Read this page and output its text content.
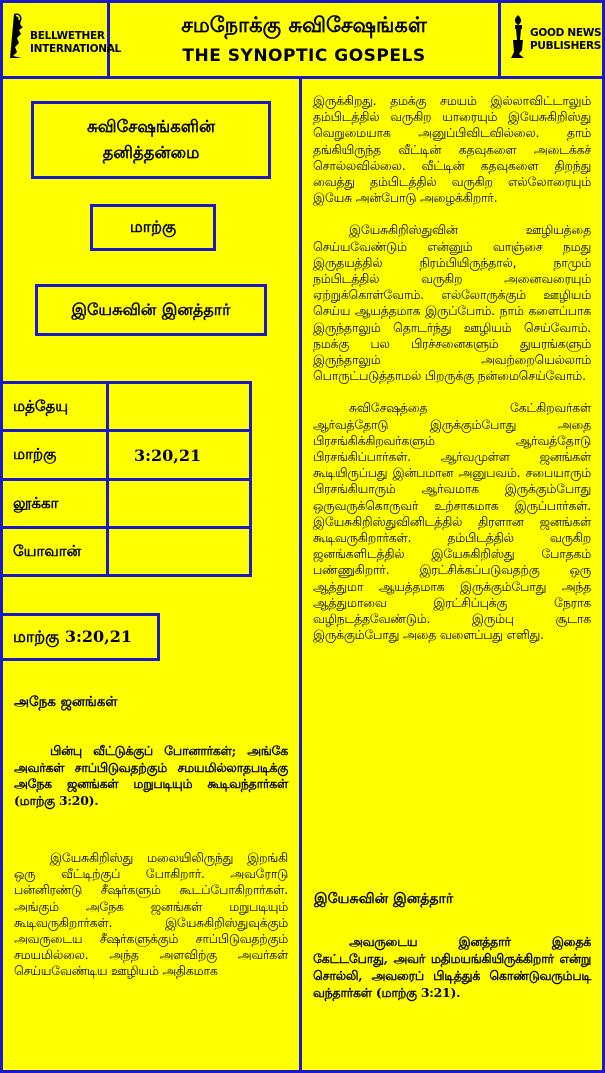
சமநோக்கு சுவிசேஷங்கள்
THE SYNOPTIC GOSPELS
BELLWETHER
INTERNATIONAL
GOOD NEWS
PUBLISHERS
சுவிசேஷங்களின் தனித்தன்மை
மாற்கு
இயேசுவின் இனத்தார்
மத்தேயு
மாற்கு	3:20,21
லூக்கா
யோவான்
மாற்கு 3:20,21
அநேக ஜனங்கள்

பின்பு வீட்டுக்குப் போனார்கள்; அங்கே அவர்கள் சாப்பிடுவதற்கும் சமயமில்லாதபடிக்கு அநேக ஜனங்கள் மறுபடியும் கூடிவந்தார்கள் (மாற்கு 3:20).

இயேசுகிறிஸ்து மலையிலிருந்து இறங்கி ஒரு வீட்டிற்குப் போகிறார். அவரோடு பன்னிரண்டு சீஷர்களும் கூடப்போகிறார்கள். அங்கும் அநேக ஜனங்கள் மறுபடியும் கூடிவருகிறார்கள். இயேசுகிறிஸ்துவுக்கும் அவருடைய சீஷர்களுக்கும் சாப்பிடுவதற்கும் சமயமில்லை. அந்த அளவிற்கு அவர்கள் செய்யவேண்டிய ஊழியம் அதிகமாக

இருக்கிறது. தமக்கு சமயம் இல்லாவிட்டாலும் தம்பிடத்தில் வருகிற யாரையும் இயேசுகிறிஸ்து வெறுமையாக அனுப்பிவிடவில்லை. தாம் தங்கியிருந்த வீட்டின் கதவுகளை அடைக்கச் சொல்லவில்லை. வீட்டின் கதவுகளை திறந்து வைத்து தம்பிடத்தில் வருகிற எல்லோரையும் இயேசு அன்போடு அழைக்கிறார்.

இயேசுகிறிஸ்துவின் ஊழியத்தை செய்யவேண்டும் என்னும் வாஞ்சை நமது இருதயத்தில் நிரம்பியிருந்தால், நாமும் நம்பிடத்தில் வருகிற அனைவரையும் ஏற்றுக்கொள்வோம். எல்லோருக்கும் ஊழியம் செய்ய ஆயத்தமாக இருப்போம். நாம் களைப்பாக இருந்தாலும் தொடர்ந்து ஊழியம் செய்வோம். நமக்கு பல பிரச்சனைகளும் துயரங்களும் இருந்தாலும் அவற்றையெல்லாம் பொருட்படுத்தாமல் பிறருக்கு நன்மைசெய்வோம்.

சுவிசேஷத்தை கேட்கிறவர்கள் ஆர்வத்தோடு இருக்கும்போது அதை பிரசங்கிக்கிறவர்களும் ஆர்வத்தோடு பிரசங்கிப்பார்கள். ஆர்வமுள்ள ஜனங்கள் கூடியிருப்பது இன்பமான அனுபவம். சபையாரும் பிரசங்கியாரும் ஆர்வமாக இருக்கும்போது ஒருவருக்கொருவர் உற்சாகமாக இருப்பார்கள். இயேசுகிறிஸ்துவினிடத்தில் திரளான ஜனங்கள் கூடிவருகிறார்கள். தம்பிடத்தில் வருகிற ஜனங்களிடத்தில் இயேசுகிறிஸ்து போதகம் பண்ணுகிறார். இரட்சிக்கப்படுவதற்கு ஒரு ஆத்துமா ஆயத்தமாக இருக்கும்போது அந்த ஆத்துமாவை இரட்சிப்புக்கு நேராக வழிநடத்தவேண்டும். இரும்பு சூடாக இருக்கும்போது அதை வளைப்பது எளிது.

இயேசுவின் இனத்தார்

அவருடைய இனத்தார் இதைக் கேட்டபோது, அவர் மதிமயங்கியிருக்கிறார் என்று சொல்லி, அவரைப் பிடித்துக் கொண்டுவரும்படி வந்தார்கள் (மாற்கு 3:21).
